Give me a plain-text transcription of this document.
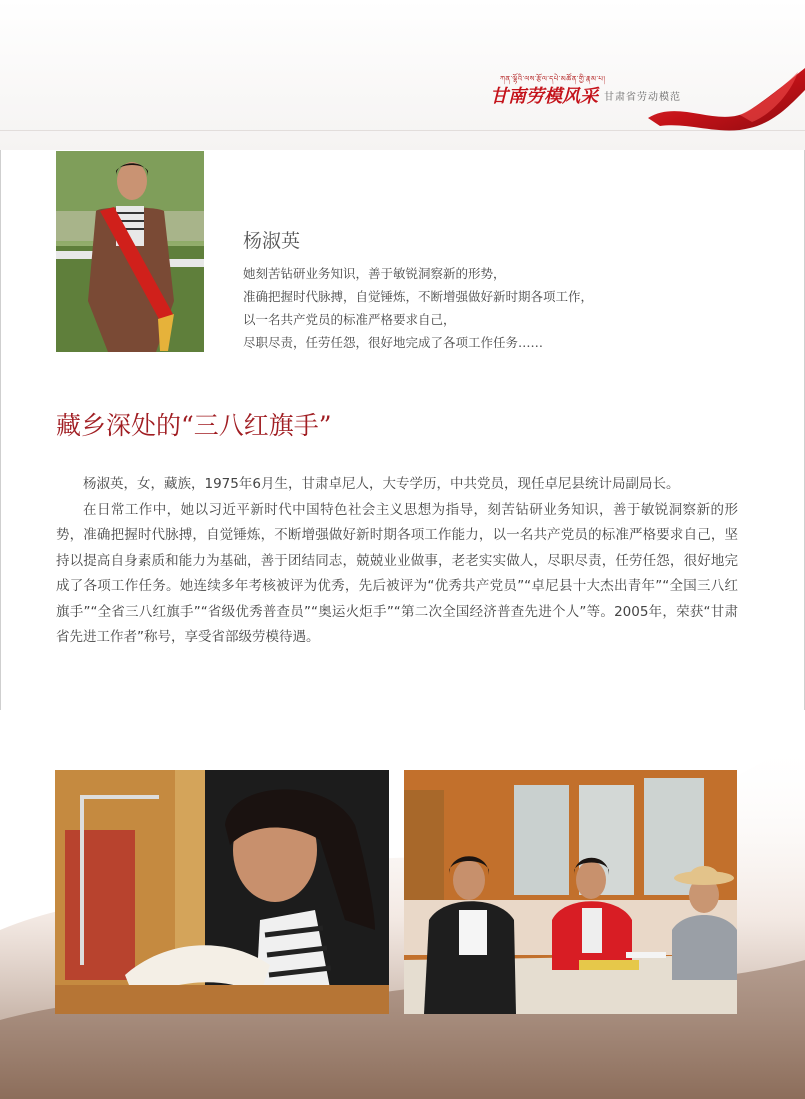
ཀན་ལྷོའི་ལས་རྩོལ་དཔེ་མཚོན་གྱི་རྣམ་པ།
甘南劳模风采 甘肃省劳动模范
杨淑英

她刻苦钻研业务知识，善于敏锐洞察新的形势，

准确把握时代脉搏，自觉锤炼，不断增强做好新时期各项工作，

以一名共产党员的标准严格要求自己，

尽职尽责，任劳任怨，很好地完成了各项工作任务……

藏乡深处的“三八红旗手”

杨淑英，女，藏族，1975年6月生，甘肃卓尼人，大专学历，中共党员，现任卓尼县统计局副局长。

在日常工作中，她以习近平新时代中国特色社会主义思想为指导，刻苦钻研业务知识，善于敏锐洞察新的形势，准确把握时代脉搏，自觉锤炼，不断增强做好新时期各项工作能力，以一名共产党员的标准严格要求自己，坚持以提高自身素质和能力为基础，善于团结同志，兢兢业业做事，老老实实做人，尽职尽责，任劳任怨，很好地完成了各项工作任务。她连续多年考核被评为优秀，先后被评为“优秀共产党员”“卓尼县十大杰出青年”“全国三八红旗手”“全省三八红旗手”“省级优秀普查员”“奥运火炬手”“第二次全国经济普查先进个人”等。2005年，荣获“甘肃省先进工作者”称号，享受省部级劳模待遇。
